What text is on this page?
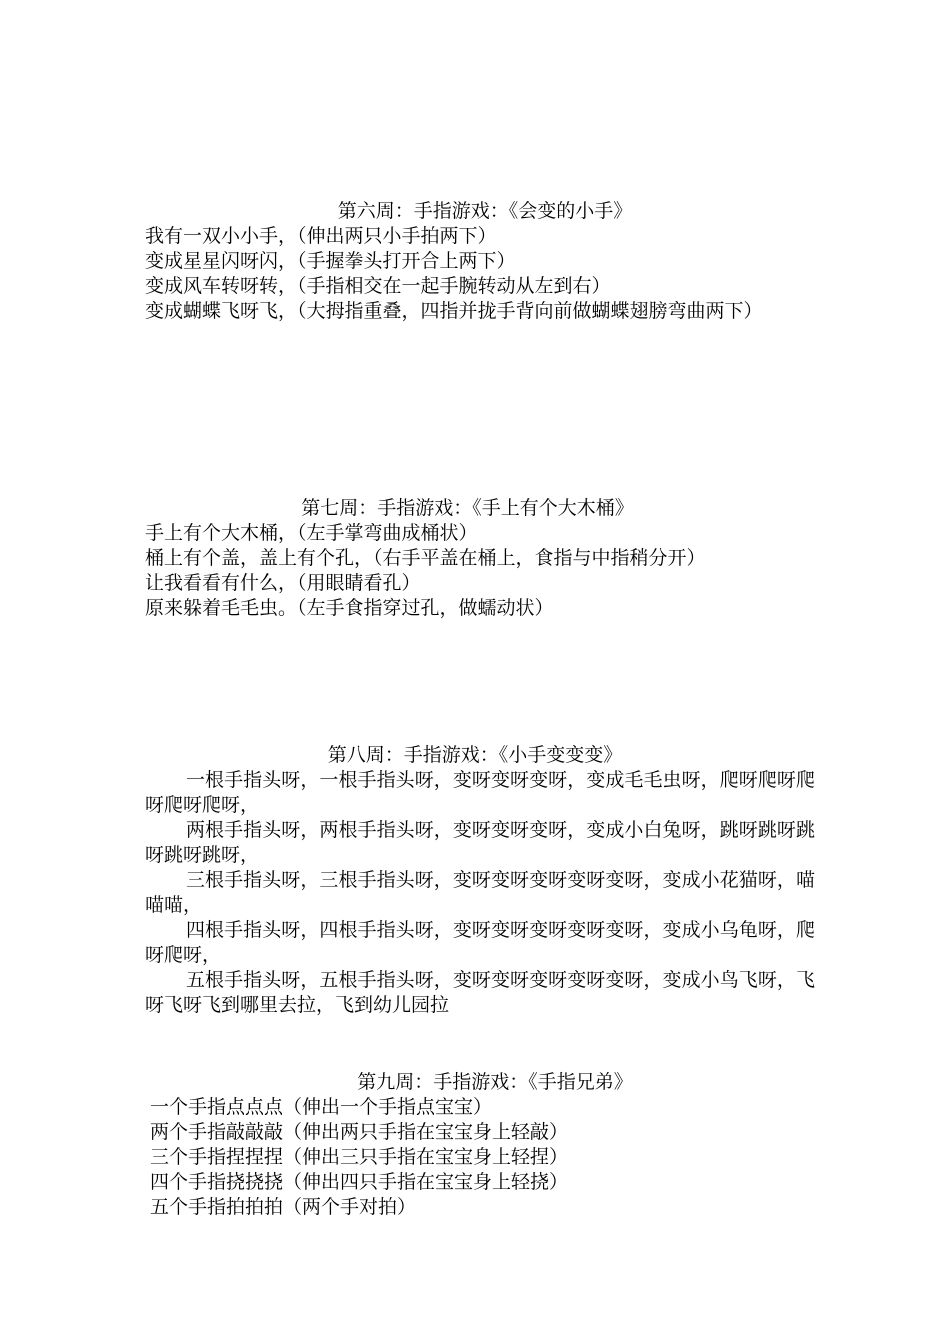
第六周：手指游戏：《会变的小手》
我有一双小小手，（伸出两只小手拍两下）
变成星星闪呀闪，（手握拳头打开合上两下）
变成风车转呀转，（手指相交在一起手腕转动从左到右）
变成蝴蝶飞呀飞，（大拇指重叠，四指并拢手背向前做蝴蝶翅膀弯曲两下）
第七周：手指游戏：《手上有个大木桶》
手上有个大木桶，（左手掌弯曲成桶状）
桶上有个盖，盖上有个孔，（右手平盖在桶上，食指与中指稍分开）
让我看看有什么，（用眼睛看孔）
原来躲着毛毛虫。（左手食指穿过孔，做蠕动状）
第八周：手指游戏：《小手变变变》
一根手指头呀，一根手指头呀，变呀变呀变呀，变成毛毛虫呀，爬呀爬呀爬呀爬呀爬呀，
两根手指头呀，两根手指头呀，变呀变呀变呀，变成小白兔呀，跳呀跳呀跳呀跳呀跳呀，
三根手指头呀，三根手指头呀，变呀变呀变呀变呀变呀，变成小花猫呀，喵喵喵，
四根手指头呀，四根手指头呀，变呀变呀变呀变呀变呀，变成小乌龟呀，爬呀爬呀，
五根手指头呀，五根手指头呀，变呀变呀变呀变呀变呀，变成小鸟飞呀，飞呀飞呀飞到哪里去拉，飞到幼儿园拉
第九周：手指游戏：《手指兄弟》
一个手指点点点（伸出一个手指点宝宝）
两个手指敲敲敲（伸出两只手指在宝宝身上轻敲）
三个手指捏捏捏（伸出三只手指在宝宝身上轻捏）
四个手指挠挠挠（伸出四只手指在宝宝身上轻挠）
五个手指拍拍拍（两个手对拍）
